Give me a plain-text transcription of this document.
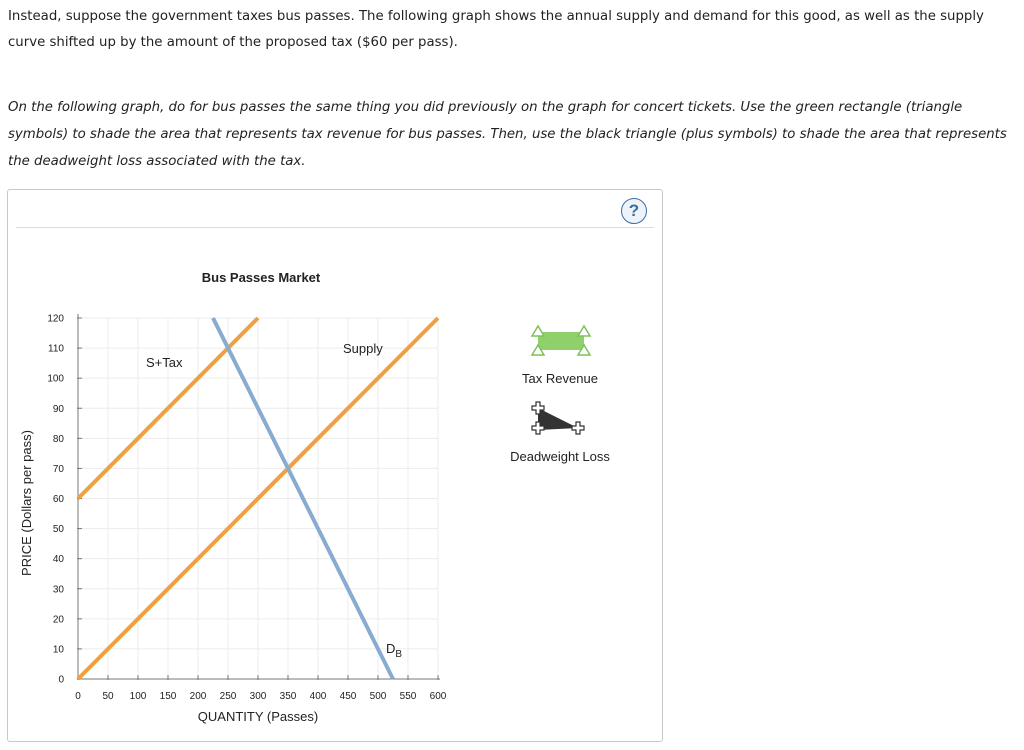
Instead, suppose the government taxes bus passes. The following graph shows the annual supply and demand for this good, as well as the supply curve shifted up by the amount of the proposed tax ($60 per pass).

On the following graph, do for bus passes the same thing you did previously on the graph for concert tickets. Use the green rectangle (triangle symbols) to shade the area that represents tax revenue for bus passes. Then, use the black triangle (plus symbols) to shade the area that represents the deadweight loss associated with the tax.

?
0 50 100 150 200 250 300 350 400 450 500 550 600
0
10
20
30
40
50
60
70
80
90
100
110
120
Bus Passes Market
QUANTITY (Passes)
PRICE (Dollars per pass)
Supply
S+Tax
$D_B$
Tax Revenue
Deadweight Loss
